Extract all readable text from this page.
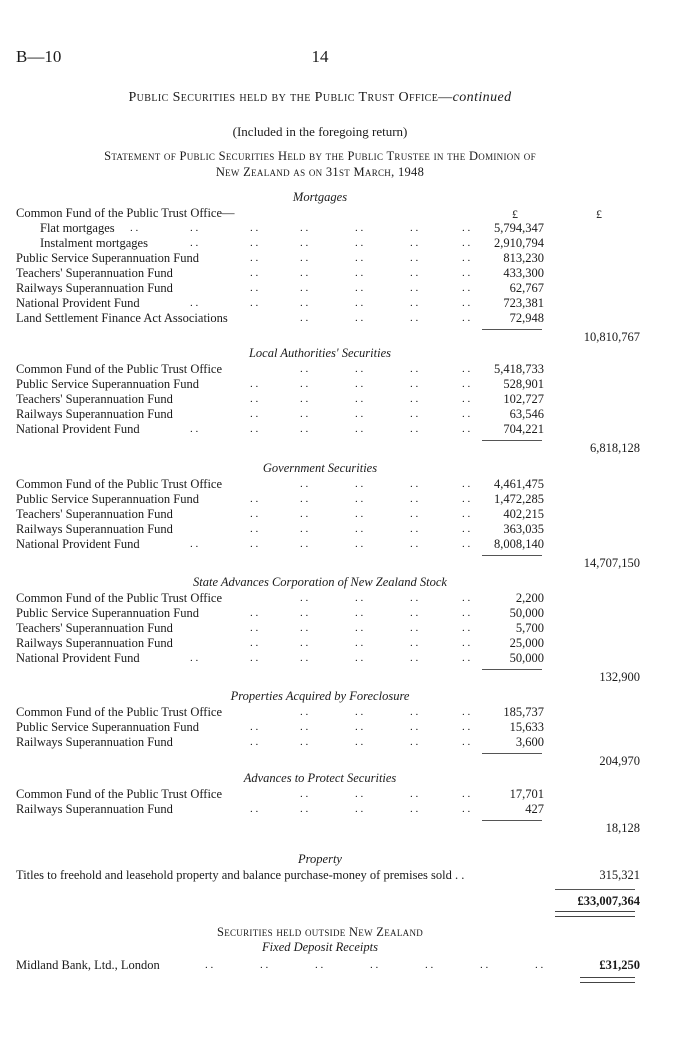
B—10	14
Public Securities held by the Public Trust Office—continued
(Included in the foregoing return)
Statement of Public Securities Held by the Public Trustee in the Dominion of
New Zealand as on 31st March, 1948
£	£
Mortgages
Common Fund of the Public Trust Office—
Flat mortgages . .	. .	. .	. .	. .	. .	. . 5,794,347
Instalment mortgages	. .	. .	. .	. .	. .	. . 2,910,794
Public Service Superannuation Fund	. .	. .	. .	. .	. .	813,230
Teachers' Superannuation Fund	. .	. .	. .	. .	. .	433,300
Railways Superannuation Fund	. .	. .	. .	. .	. .	62,767
National Provident Fund	. .	. .	. .	. .	. .	. .	723,381
Land Settlement Finance Act Associations	. .	. .	. .	. .	72,948
10,810,767
Local Authorities' Securities
Common Fund of the Public Trust Office	. .	. .	. .	. . 5,418,733
Public Service Superannuation Fund	. .	. .	. .	. .	. .	528,901
Teachers' Superannuation Fund	. .	. .	. .	. .	. .	102,727
Railways Superannuation Fund	. .	. .	. .	. .	. .	63,546
National Provident Fund	. .	. .	. .	. .	. .	. .	704,221
6,818,128
Government Securities
Common Fund of the Public Trust Office	. .	. .	. .	. . 4,461,475
Public Service Superannuation Fund	. .	. .	. .	. .	. . 1,472,285
Teachers' Superannuation Fund	. .	. .	. .	. .	. .	402,215
Railways Superannuation Fund	. .	. .	. .	. .	. .	363,035
National Provident Fund	. .	. .	. .	. .	. .	. . 8,008,140
14,707,150
State Advances Corporation of New Zealand Stock
Common Fund of the Public Trust Office	. .	. .	. .	. .	2,200
Public Service Superannuation Fund	. .	. .	. .	. .	. .	50,000
Teachers' Superannuation Fund	. .	. .	. .	. .	. .	5,700
Railways Superannuation Fund	. .	. .	. .	. .	. .	25,000
National Provident Fund	. .	. .	. .	. .	. .	. .	50,000
132,900
Properties Acquired by Foreclosure
Common Fund of the Public Trust Office	. .	. .	. .	. .	185,737
Public Service Superannuation Fund	. .	. .	. .	. .	. .	15,633
Railways Superannuation Fund	. .	. .	. .	. .	. .	3,600
204,970
Advances to Protect Securities
Common Fund of the Public Trust Office	. .	. .	. .	. .	17,701
Railways Superannuation Fund	. .	. .	. .	. .	. .	427
18,128
Property
Titles to freehold and leasehold property and balance purchase-money of premises sold . .	315,321
£33,007,364
Securities held outside New Zealand
Fixed Deposit Receipts
Midland Bank, Ltd., London	. .	. .	. .	. .	. .	. .	. .	£31,250
